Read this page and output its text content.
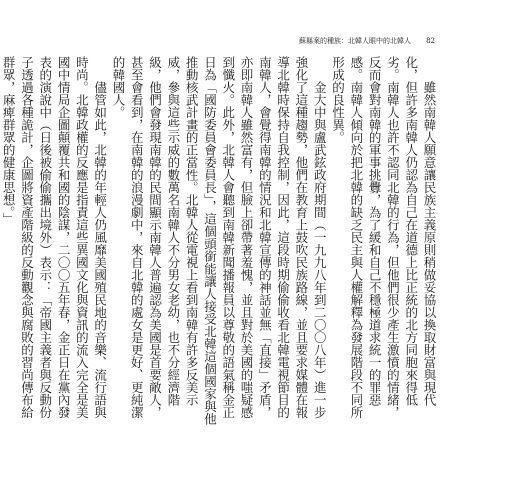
蘇縣案的種族：北韓人眼中的北韓人 82

雖然南韓人願意讓民族主義原則稍做妥協以換取財富與現代化，但許多南韓人仍認為自己在道德上比正統的北方同胞來得低劣。南韓人也許不認同北韓的行為，但他們很少產生激憤的情緒，反而會對南韓的軍事挑釁，為了緩和自己不穩極道求統一的罪惡感。南韓人傾向於把北韓的缺乏民主與人權解釋為發展階段不同所形成的良性異。

金大中與盧武鉉政府期間（一九九八年到二〇〇八年）進一步強化了這種趨勢，他們在教育上鼓吹民族路線，並且要求媒體在報導北韓時保持自我控制，因此，這段時期偷偷收看北韓電視節目的南韓人，會覺得南韓的情況和北韓宣傳的神話並無「直接」矛盾，亦即南韓人雖然富有，但臉上卻帶著羞愧，並且對於美國的嗤疑感到懺火。此外，北韓人會聽到南韓新聞播報員以尊敬的語氣稱金正日為「國防委員會委員長」，這個頭銜能讓人接受北韓這個國家與他推動核武計畫的正當性。北韓人從電視上看到南韓有許多反美示威，參與這些示威的數萬名南韓人不分男女老幼，也不分經濟階級，他們會發現南韓的民間顯示南韓人普遍認為美國是首要敵人，甚至會看到，在南韓的浪漫劇中，來自北韓的處女是更好、更純潔的韓國人。

儘管如此，北韓的年輕人仍風靡美國殖民地的音樂、流行語與時尚。北韓政權的反應是指責這些異國文化與資訊的流入完全是美國中情局企圖顛覆共和國的陰謀，二〇〇五年春，金正日在黨內發表的演說中（日後被偷偷攜出境外）表示：「帝國主義者與反動份子透過各種詭計，企圖將資產階級的反動觀念與腐敗的習尚傳布給群眾，麻痺群眾的健康思想。」
